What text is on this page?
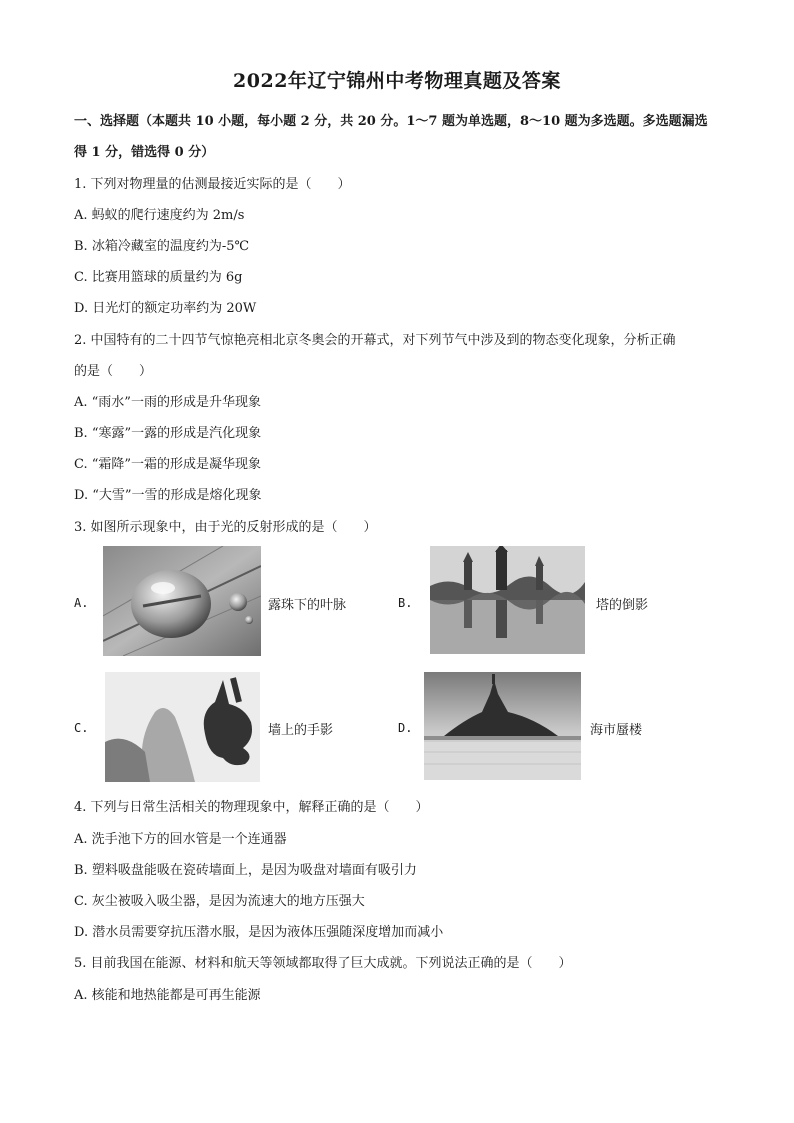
2022年辽宁锦州中考物理真题及答案
一、选择题（本题共 10 小题，每小题 2 分，共 20 分。1～7 题为单选题，8～10 题为多选题。多选题漏选
得 1 分，错选得 0 分）
1. 下列对物理量的估测最接近实际的是（　　）
A. 蚂蚁的爬行速度约为 2m/s
B. 冰箱冷藏室的温度约为-5℃
C. 比赛用篮球的质量约为 6g
D. 日光灯的额定功率约为 20W
2. 中国特有的二十四节气惊艳亮相北京冬奥会的开幕式，对下列节气中涉及到的物态变化现象，分析正确
的是（　　）
A. “雨水”一雨的形成是升华现象
B. “寒露”一露的形成是汽化现象
C. “霜降”一霜的形成是凝华现象
D. “大雪”一雪的形成是熔化现象
3. 如图所示现象中，由于光的反射形成的是（　　）
A.	露珠下的叶脉	B.	塔的倒影
C.	墙上的手影	D.	海市蜃楼
4. 下列与日常生活相关的物理现象中，解释正确的是（　　）
A. 洗手池下方的回水管是一个连通器
B. 塑料吸盘能吸在瓷砖墙面上，是因为吸盘对墙面有吸引力
C. 灰尘被吸入吸尘器，是因为流速大的地方压强大
D. 潜水员需要穿抗压潜水服，是因为液体压强随深度增加而减小
5. 目前我国在能源、材料和航天等领域都取得了巨大成就。下列说法正确的是（　　）
A. 核能和地热能都是可再生能源
